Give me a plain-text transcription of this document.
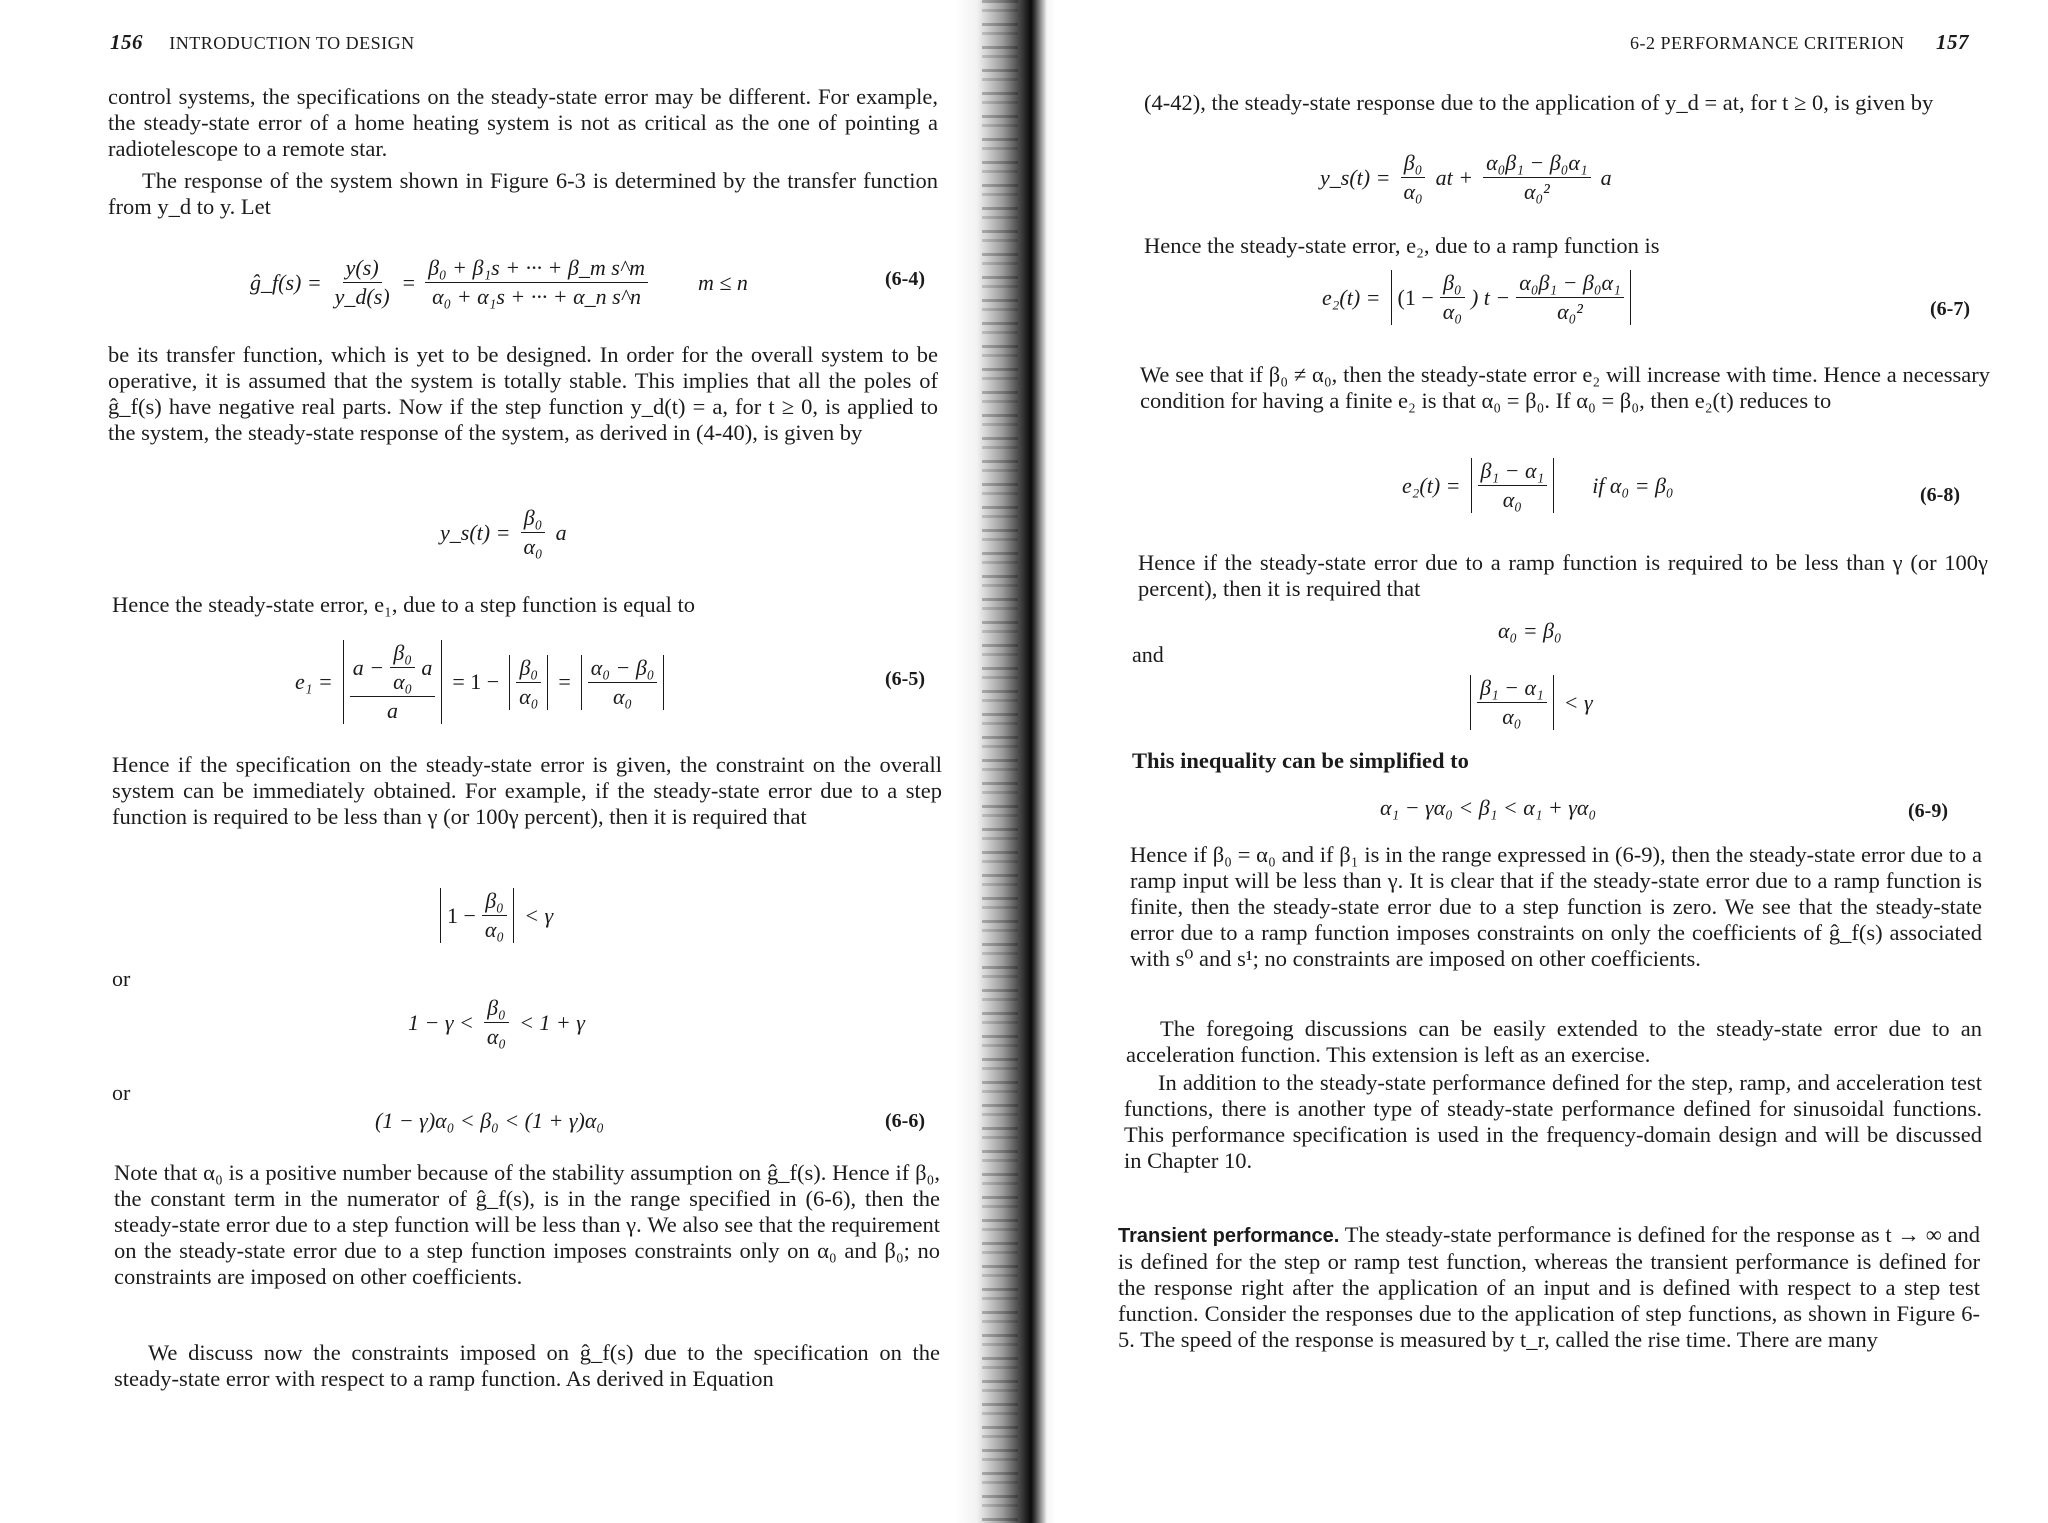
156 INTRODUCTION TO DESIGN

control systems, the specifications on the steady-state error may be different. For example, the steady-state error of a home heating system is not as critical as the one of pointing a radiotelescope to a remote star.

The response of the system shown in Figure 6-3 is determined by the transfer function from y_d to y. Let

ĝ_f(s) = $\frac{y(s)}{y\_d(s)} = \frac{\text{β₀ + β₁s + ··· + β\_m s\textasciicircum{}m}}{\text{α₀ + α₁s + ··· + α\_n s\textasciicircum{}n}}$ m ≤ n	(6-4)

be its transfer function, which is yet to be designed. In order for the overall system to be operative, it is assumed that the system is totally stable. This implies that all the poles of ĝ_f(s) have negative real parts. Now if the step function y_d(t) = a, for t ≥ 0, is applied to the system, the steady-state response of the system, as derived in (4-40), is given by

y_s(t) = $\frac{\text{β₀}}{\text{α₀}}$ a

Hence the steady-state error, e₁, due to a step function is equal to

e₁ =
$a - \frac{\text{β₀}}{\text{α₀}}$ a
a
= $1 - \frac{\text{β₀}}{\text{α₀}} = \frac{\text{α₀ − β₀}}{\text{α₀}}$	(6-5)

Hence if the specification on the steady-state error is given, the constraint on the overall system can be immediately obtained. For example, if the steady-state error due to a step function is required to be less than γ (or 100γ percent), then it is required that

$1 - \frac{\text{β₀}}{\text{α₀}} < \gamma$
or
$1 - \gamma < \frac{\text{β₀}}{\text{α₀}} < 1 + \gamma$
or
(1 − γ)α₀ < β₀ < (1 + γ)α₀	(6-6)

Note that α₀ is a positive number because of the stability assumption on ĝ_f(s). Hence if β₀, the constant term in the numerator of ĝ_f(s), is in the range specified in (6-6), then the steady-state error due to a step function will be less than γ. We also see that the requirement on the steady-state error due to a step function imposes constraints only on α₀ and β₀; no constraints are imposed on other coefficients.

We discuss now the constraints imposed on ĝ_f(s) due to the specification on the steady-state error with respect to a ramp function. As derived in Equation

6-2 PERFORMANCE CRITERION 157

(4-42), the steady-state response due to the application of y_d = at, for t ≥ 0, is given by

y_s(t) = $\frac{\text{β₀}}{\text{α₀}}$ at + $\frac{\text{α₀β₁ − β₀α₁}}{\text{α₀²}}$ a

Hence the steady-state error, e₂, due to a ramp function is

$e_2(t) = (1 - \frac{\text{β₀}}{\text{α₀}}$ ) $t - \frac{\text{α₀β₁ − β₀α₁}}{\text{α₀²}}$	(6-7)

We see that if β₀ ≠ α₀, then the steady-state error e₂ will increase with time. Hence a necessary condition for having a finite e₂ is that α₀ = β₀. If α₀ = β₀, then e₂(t) reduces to

$e_2(t) = \frac{\text{β₁ − α₁}}{\text{α₀}}$ if α₀ = β₀	(6-8)

Hence if the steady-state error due to a ramp function is required to be less than γ (or 100γ percent), then it is required that

α₀ = β₀
and
$\frac{\text{β₁ − α₁}}{\text{α₀}} < \gamma$

This inequality can be simplified to

α₁ − γα₀ < β₁ < α₁ + γα₀	(6-9)

Hence if β₀ = α₀ and if β₁ is in the range expressed in (6-9), then the steady-state error due to a ramp input will be less than γ. It is clear that if the steady-state error due to a ramp function is finite, then the steady-state error due to a step function is zero. We see that the steady-state error due to a ramp function imposes constraints on only the coefficients of ĝ_f(s) associated with s⁰ and s¹; no constraints are imposed on other coefficients.

The foregoing discussions can be easily extended to the steady-state error due to an acceleration function. This extension is left as an exercise.

In addition to the steady-state performance defined for the step, ramp, and acceleration test functions, there is another type of steady-state performance defined for sinusoidal functions. This performance specification is used in the frequency-domain design and will be discussed in Chapter 10.

Transient performance. The steady-state performance is defined for the response as t → ∞ and is defined for the step or ramp test function, whereas the transient performance is defined for the response right after the application of an input and is defined with respect to a step test function. Consider the responses due to the application of step functions, as shown in Figure 6-5. The speed of the response is measured by t_r, called the rise time. There are many
